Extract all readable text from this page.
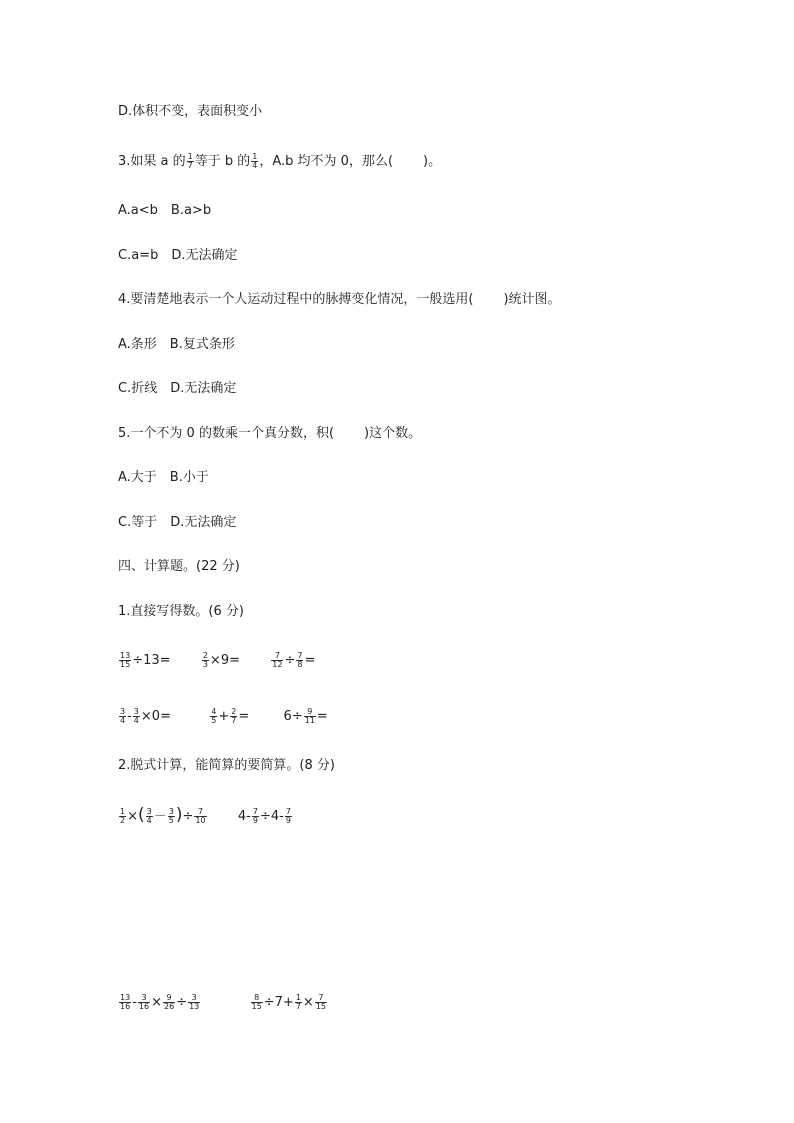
D.体积不变，表面积变小
3.如果 a 的 $\frac{1}{7}$ 等于 b 的 $\frac{1}{4}$ ，A.b 均不为 0，那么( )。
A.a<b　B.a>b
C.a=b　D.无法确定
4.要清楚地表示一个人运动过程中的脉搏变化情况，一般选用( )统计图。
A.条形　B.复式条形
C.折线　D.无法确定
5.一个不为 0 的数乘一个真分数，积( )这个数。
A.大于　B.小于
C.等于　D.无法确定
四、计算题。(22 分)
1.直接写得数。(6 分)
$\frac{13}{15} \div 13=$	$\frac{2}{3} \times 9=$	$\frac{7}{12} \div \frac{7}{8}$ =
$\frac{3}{4} - \frac{3}{4} \times 0=$	$\frac{4}{5} + \frac{2}{7}$ =	$6\div \frac{9}{11}$ =
2.脱式计算，能简算的要简算。(8 分)
$\frac{1}{2}$ ×( $\frac{3}{4} - \frac{3}{5}$ )÷ $\frac{7}{10} 4- \frac{7}{9} \div 4- \frac{7}{9}$
$\frac{13}{16} - \frac{3}{16} \times \frac{9}{26} \div \frac{3}{13}$
	$\frac{8}{15} \div 7+ \frac{1}{7} \times \frac{7}{15}$
